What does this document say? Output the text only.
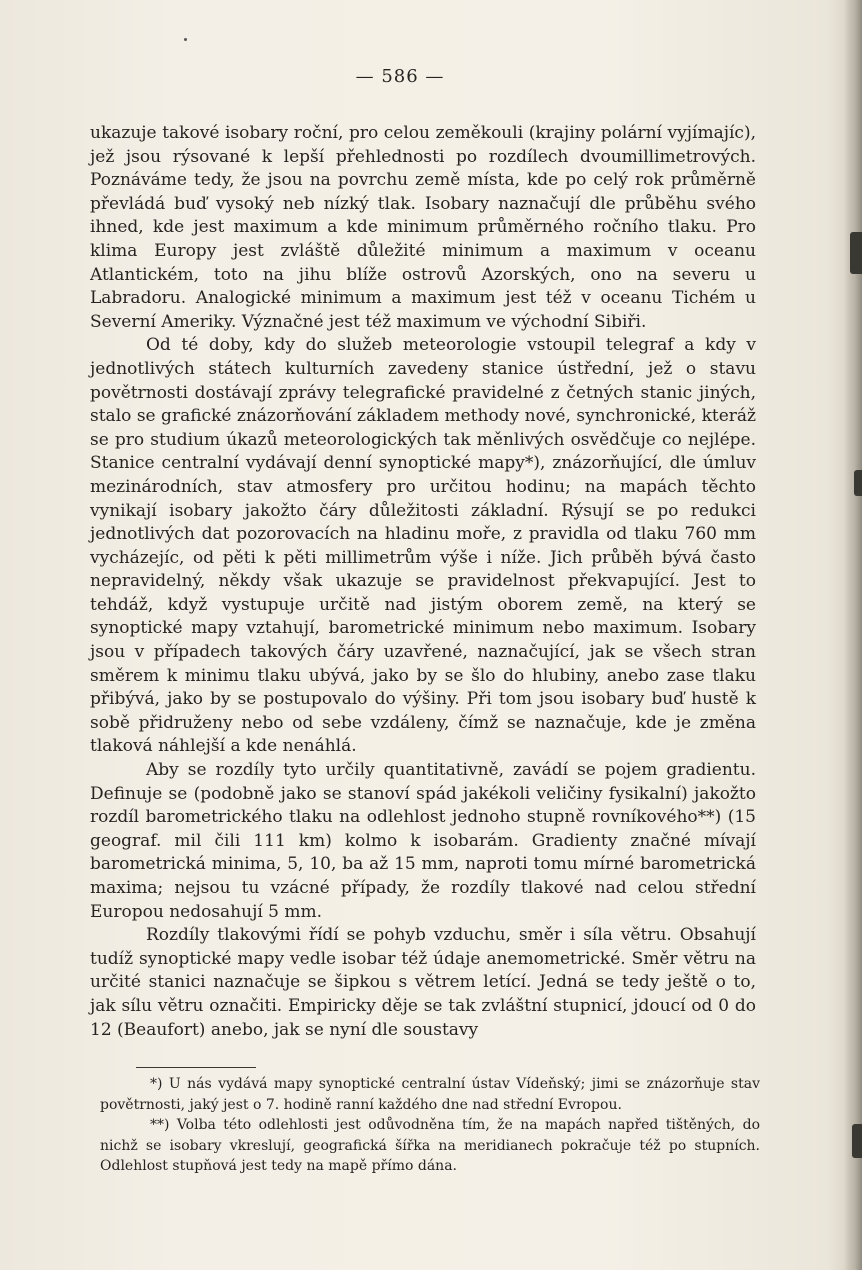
— 586 —

ukazuje takové isobary roční, pro celou zeměkouli (krajiny polární vyjímajíc), jež jsou rýsované k lepší přehlednosti po rozdílech dvoumillimetrových. Poznáváme tedy, že jsou na povrchu země místa, kde po celý rok průměrně převládá buď vysoký neb nízký tlak. Isobary naznačují dle průběhu svého ihned, kde jest maximum a kde minimum průměrného ročního tlaku. Pro klima Europy jest zvláště důležité minimum a maximum v oceanu Atlantickém, toto na jihu blíže ostrovů Azorských, ono na severu u Labradoru. Analogické minimum a maximum jest též v oceanu Tichém u Severní Ameriky. Význačné jest též maximum ve východní Sibiři.

Od té doby, kdy do služeb meteorologie vstoupil telegraf a kdy v jednotlivých státech kulturních zavedeny stanice ústřední, jež o stavu povětrnosti dostávají zprávy telegrafické pravidelné z četných stanic jiných, stalo se grafické znázorňování základem methody nové, synchronické, kteráž se pro studium úkazů meteorologických tak měnlivých osvědčuje co nejlépe. Stanice centralní vydávají denní synoptické mapy*), znázorňující, dle úmluv mezinárodních, stav atmosfery pro určitou hodinu; na mapách těchto vynikají isobary jakožto čáry důležitosti základní. Rýsují se po redukci jednotlivých dat pozorovacích na hladinu moře, z pravidla od tlaku 760 mm vycházejíc, od pěti k pěti millimetrům výše i níže. Jich průběh bývá často nepravidelný, někdy však ukazuje se pravidelnost překvapující. Jest to tehdáž, když vystupuje určitě nad jistým oborem země, na který se synoptické mapy vztahují, barometrické minimum nebo maximum. Isobary jsou v případech takových čáry uzavřené, naznačující, jak se všech stran směrem k minimu tlaku ubývá, jako by se šlo do hlubiny, anebo zase tlaku přibývá, jako by se postupovalo do výšiny. Při tom jsou isobary buď hustě k sobě přidruženy nebo od sebe vzdáleny, čímž se naznačuje, kde je změna tlaková náhlejší a kde nenáhlá.

Aby se rozdíly tyto určily quantitativně, zavádí se pojem gradientu. Definuje se (podobně jako se stanoví spád jakékoli veličiny fysikalní) jakožto rozdíl barometrického tlaku na odlehlost jednoho stupně rovníkového**) (15 geograf. mil čili 111 km) kolmo k isobarám. Gradienty značné mívají barometrická minima, 5, 10, ba až 15 mm, naproti tomu mírné barometrická maxima; nejsou tu vzácné případy, že rozdíly tlakové nad celou střední Europou nedosahují 5 mm.

Rozdíly tlakovými řídí se pohyb vzduchu, směr i síla větru. Obsahují tudíž synoptické mapy vedle isobar též údaje anemometrické. Směr větru na určité stanici naznačuje se šipkou s větrem letící. Jedná se tedy ještě o to, jak sílu větru označiti. Empiricky děje se tak zvláštní stupnicí, jdoucí od 0 do 12 (Beaufort) anebo, jak se nyní dle soustavy

*) U nás vydává mapy synoptické centralní ústav Vídeňský; jimi se znázorňuje stav povětrnosti, jaký jest o 7. hodině ranní každého dne nad střední Evropou.

**) Volba této odlehlosti jest odůvodněna tím, že na mapách napřed tištěných, do nichž se isobary vkreslují, geografická šířka na meridianech pokračuje též po stupních. Odlehlost stupňová jest tedy na mapě přímo dána.
